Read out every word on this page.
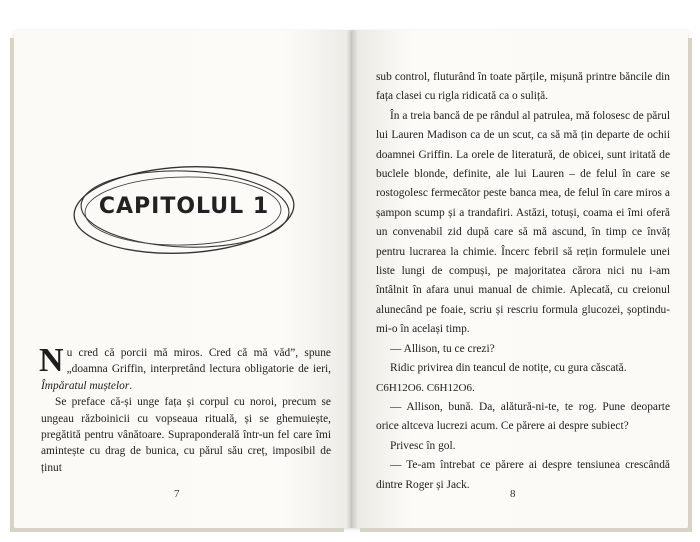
CAPITOLUL 1

Nu cred că porcii mă miros. Cred că mă văd”, spune „doamna Griffin, interpretând lectura obligatorie de ieri, Împăratul muștelor.

Se preface că-și unge fața și corpul cu noroi, precum se ungeau războinicii cu vopseaua rituală, și se ghemuiește, pregătită pentru vânătoare. Supraponderală într-un fel care îmi amintește cu drag de bunica, cu părul său creț, imposibil de ținut

7

sub control, fluturând în toate părțile, mișună printre băncile din fața clasei cu rigla ridicată ca o suliță.

În a treia bancă de pe rândul al patrulea, mă folosesc de părul lui Lauren Madison ca de un scut, ca să mă țin departe de ochii doamnei Griffin. La orele de literatură, de obicei, sunt iritată de buclele blonde, definite, ale lui Lauren – de felul în care se rostogolesc fermecător peste banca mea, de felul în care miros a șampon scump și a trandafiri. Astăzi, totuși, coama ei îmi oferă un convenabil zid după care să mă ascund, în timp ce învăț pentru lucrarea la chimie. Încerc febril să rețin formulele unei liste lungi de compuși, pe majoritatea cărora nici nu i-am întâlnit în afara unui manual de chimie. Aplecată, cu creionul alunecând pe foaie, scriu și rescriu formula glucozei, șoptindu-mi-o în același timp.

— Allison, tu ce crezi?

Ridic privirea din teancul de notițe, cu gura căscată.

C6H12O6. C6H12O6.

— Allison, bună. Da, alătură-ni-te, te rog. Pune deoparte orice altceva lucrezi acum. Ce părere ai despre subiect?

Privesc în gol.

— Te-am întrebat ce părere ai despre tensiunea crescândă dintre Roger și Jack.

8
